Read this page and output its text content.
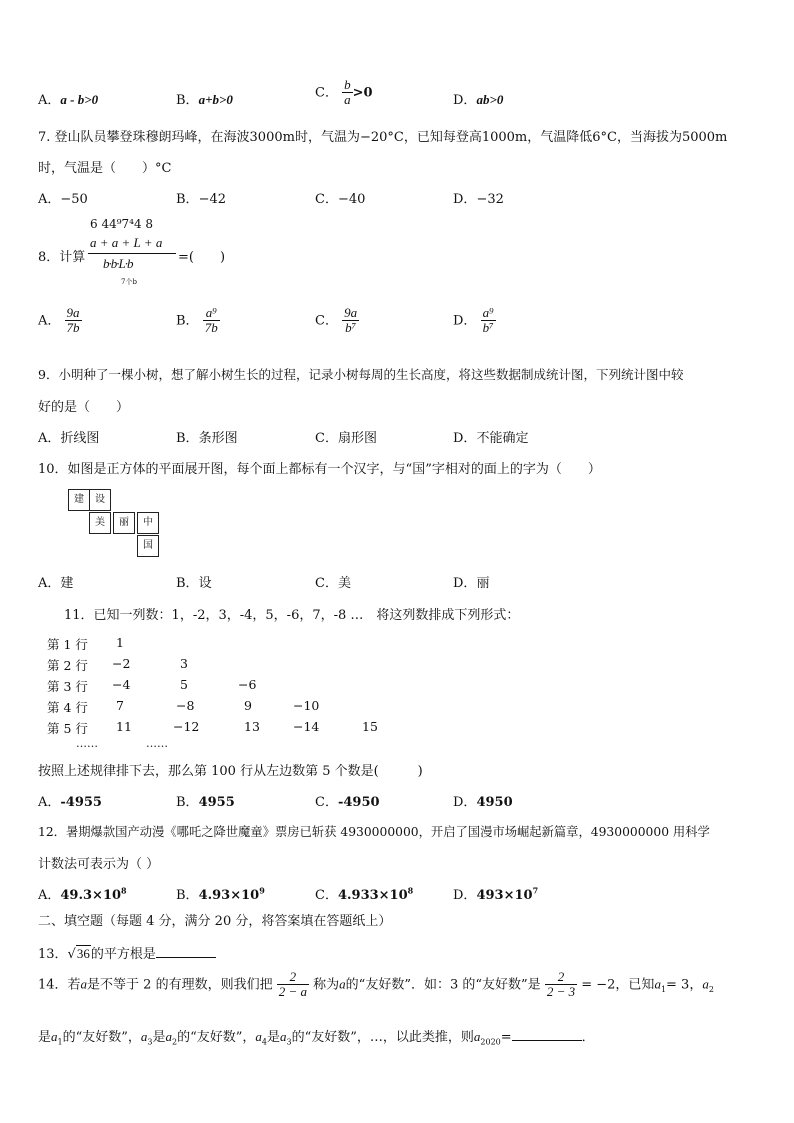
A．a - b>0	B．a+b>0	C． $\frac{b}{a} >0$
D．ab>0
7. 登山队员攀登珠穆朗玛峰，在海波3000m时，气温为−20°C，已知每登高1000m，气温降低6°C，当海拔为5000m
时，气温是（　　）°C
A．−50	B．−42	C．−40	D．−32
8．计算
6 44⁹7⁴4 8
a + a + L + a
b·b·L·b
7个b
=(　　)
A． $\frac{9a}{7b}$	B． $\frac{\text{a⁹}}{7b}$	C． $\frac{9a}{\text{b⁷}}$	D． $\frac{\text{a⁹}}{\text{b⁷}}$
9．小明种了一棵小树，想了解小树生长的过程，记录小树每周的生长高度，将这些数据制成统计图，下列统计图中较
好的是（　　）
A．折线图	B．条形图	C．扇形图	D．不能确定
10．如图是正方体的平面展开图，每个面上都标有一个汉字，与“国”字相对的面上的字为（　　）
建	设
美	丽	中
国
A．建	B．设	C．美	D．丽
11．已知一列数：1，-2，3，-4，5，-6，7，-8 …　将这列数排成下列形式：
第 1 行 1
第 2 行 −2	3
第 3 行 −4	5	−6
第 4 行 7	−8	9	−10
第 5 行 11	−12	13	−14	15
……	……
按照上述规律排下去，那么第 100 行从左边数第 5 个数是(　　　)
A．-4955	B．4955	C．-4950	D．4950
12．暑期爆款国产动漫《哪吒之降世魔童》票房已斩获 4930000000，开启了国漫市场崛起新篇章，4930000000 用科学
计数法可表示为（ ）
A．$49.3\times 10^8$	B．$4.93\times 10^9$	C．$4.933\times 10^8$	D．$493\times 10^7$
二、填空题（每题 4 分，满分 20 分，将答案填在答题纸上）
13．√36的平方根是
14．若a是不等于 2 的有理数，则我们把 $\frac{2}{2 - a}$ 称为a的“友好数”．如：3 的“友好数”是 $\frac{2}{2 - 3} = -2$，已知$a_1= 3$，$a_2$
是$a_1$的“友好数”，$a_3$是$a_2$的“友好数”，$a_4$是$a_3$的“友好数”，…，以此类推，则$a_{2020}=$	．
